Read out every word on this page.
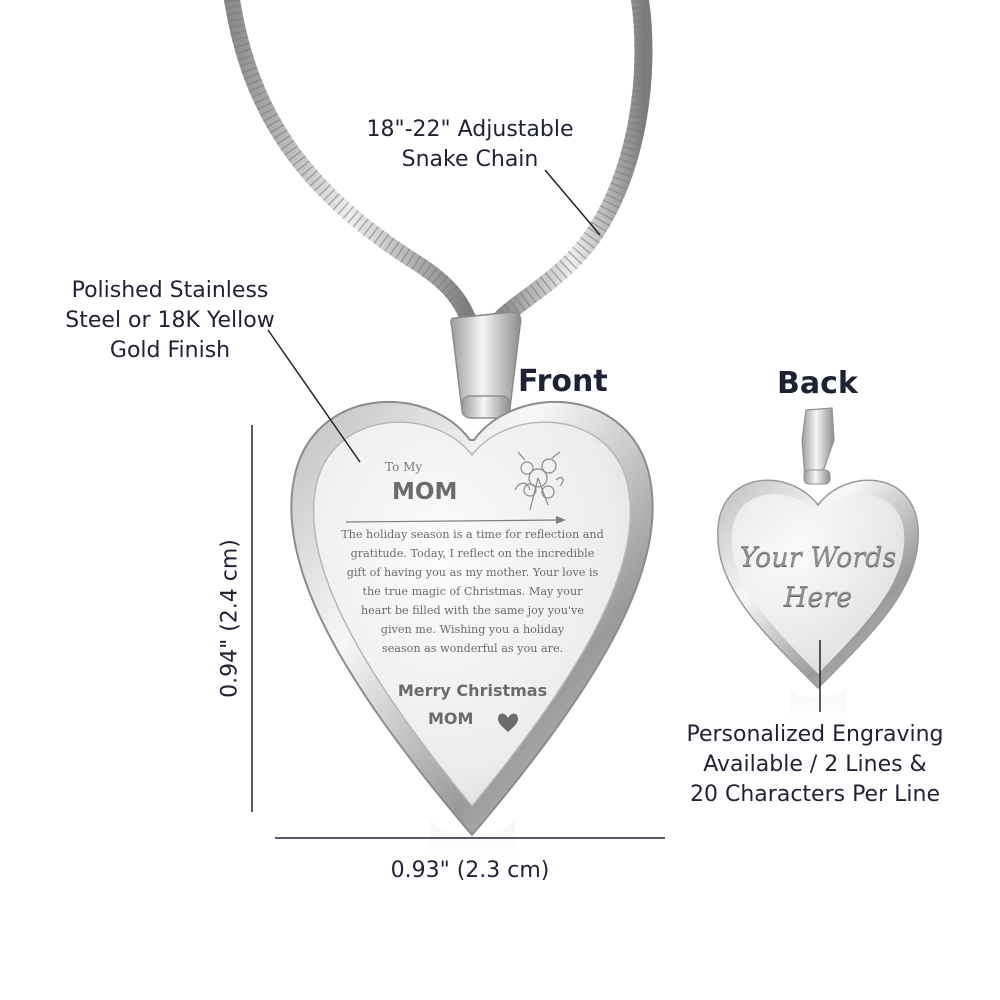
To My
MOM
The holiday season is a time for reflection and
gratitude. Today, I reflect on the incredible
gift of having you as my mother. Your love is
the true magic of Christmas. May your
heart be filled with the same joy you've
given me. Wishing you a holiday
season as wonderful as you are.
Merry Christmas
MOM
Your Words
Here
Front	Back
18"-22" Adjustable
Snake Chain
Polished Stainless
Steel or 18K Yellow
Gold Finish
Personalized Engraving
Available / 2 Lines &
20 Characters Per Line
0.94" (2.4 cm)
0.93" (2.3 cm)
